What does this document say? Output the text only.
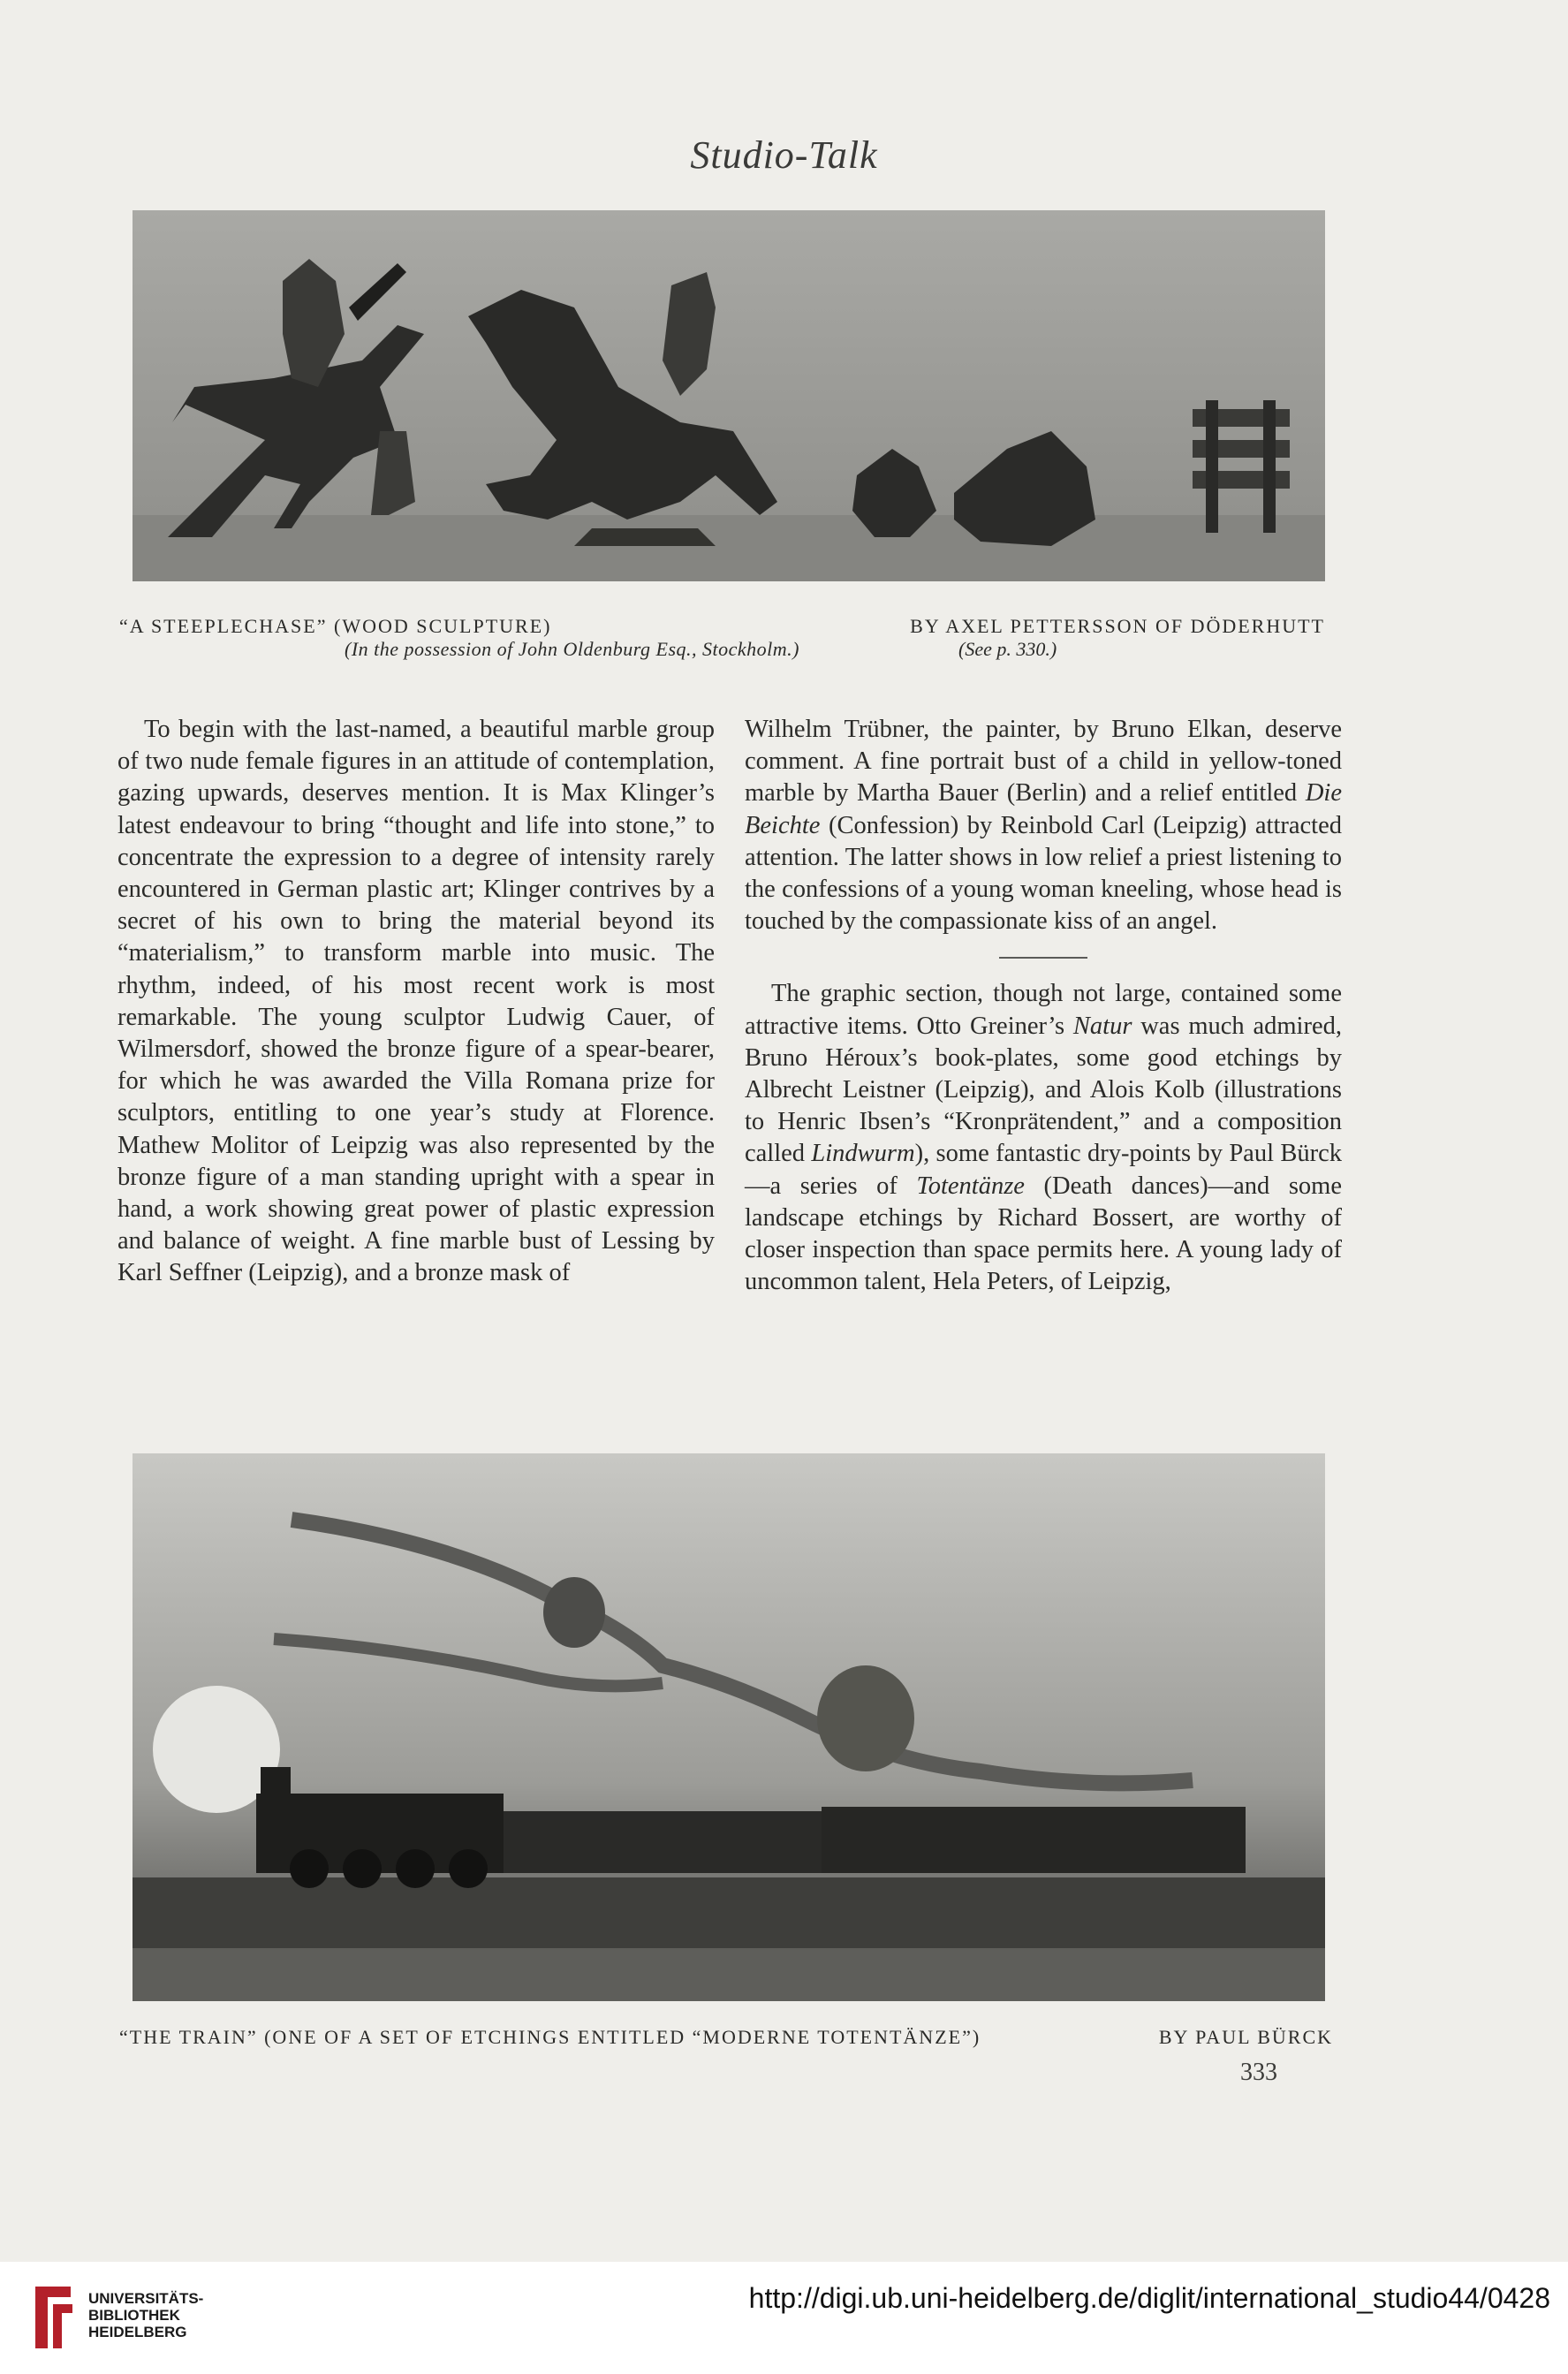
Studio-Talk
“A STEEPLECHASE” (WOOD SCULPTURE)	BY AXEL PETTERSSON OF DÖDERHUTT
(In the possession of John Oldenburg Esq., Stockholm.)	(See p. 330.)

To begin with the last-named, a beautiful marble group of two nude female figures in an attitude of contemplation, gazing upwards, deserves mention. It is Max Klinger’s latest endeavour to bring “thought and life into stone,” to concentrate the expression to a degree of intensity rarely encountered in German plastic art; Klinger contrives by a secret of his own to bring the material beyond its “materialism,” to transform marble into music. The rhythm, indeed, of his most recent work is most remarkable. The young sculptor Ludwig Cauer, of Wilmersdorf, showed the bronze figure of a spear-bearer, for which he was awarded the Villa Romana prize for sculptors, entitling to one year’s study at Florence. Mathew Molitor of Leipzig was also represented by the bronze figure of a man standing upright with a spear in hand, a work showing great power of plastic expression and balance of weight. A fine marble bust of Lessing by Karl Seffner (Leipzig), and a bronze mask of

Wilhelm Trübner, the painter, by Bruno Elkan, deserve comment. A fine portrait bust of a child in yellow-toned marble by Martha Bauer (Berlin) and a relief entitled Die Beichte (Confession) by Reinbold Carl (Leipzig) attracted attention. The latter shows in low relief a priest listening to the confessions of a young woman kneeling, whose head is touched by the compassionate kiss of an angel.

The graphic section, though not large, contained some attractive items. Otto Greiner’s Natur was much admired, Bruno Héroux’s book-plates, some good etchings by Albrecht Leistner (Leipzig), and Alois Kolb (illustrations to Henric Ibsen’s “Kronprätendent,” and a composition called Lindwurm), some fantastic dry-points by Paul Bürck—a series of Totentänze (Death dances)—and some landscape etchings by Richard Bossert, are worthy of closer inspection than space permits here. A young lady of uncommon talent, Hela Peters, of Leipzig,

“THE TRAIN” (ONE OF A SET OF ETCHINGS ENTITLED “MODERNE TOTENTÄNZE”)	BY PAUL BÜRCK
333
UNIVERSITÄTS-
BIBLIOTHEK
HEIDELBERG
http://digi.ub.uni-heidelberg.de/diglit/international_studio44/0428
